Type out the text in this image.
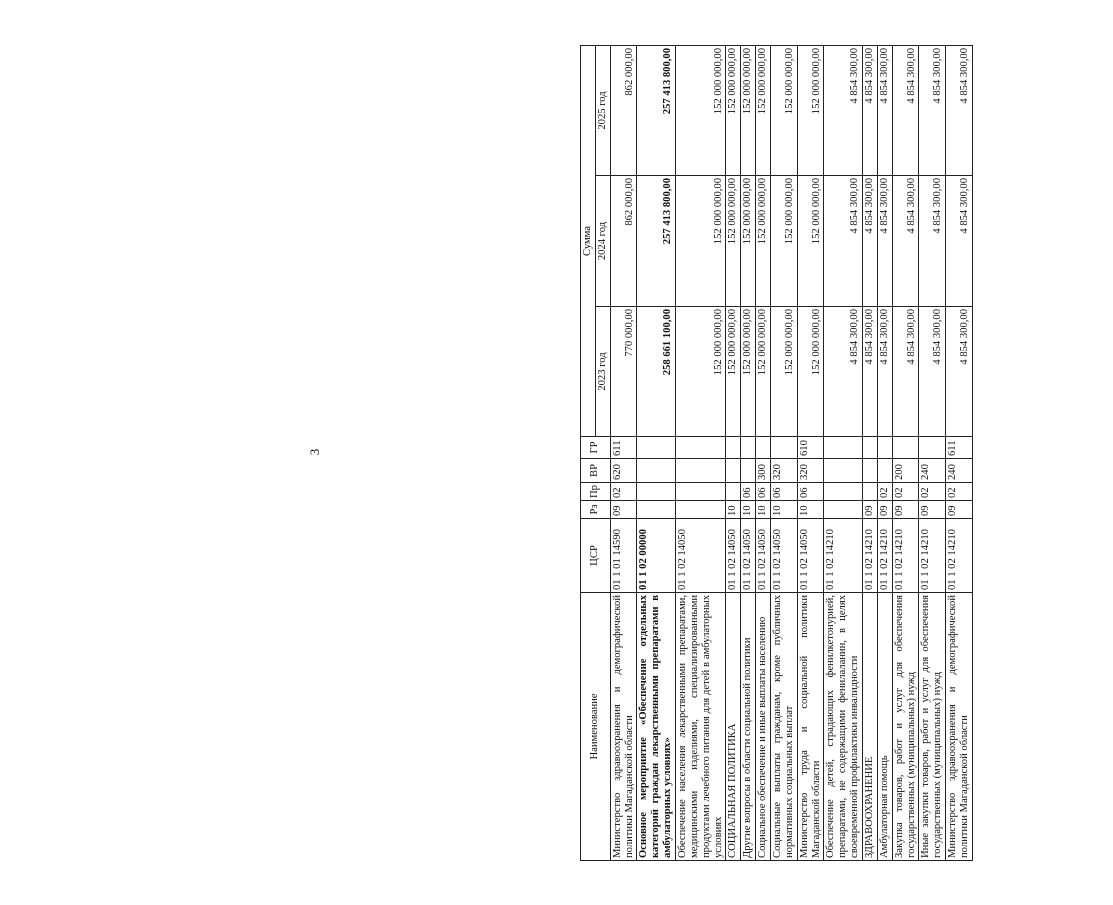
3
Наименование	ЦСР	Рз	Пр	ВР	ГР	Сумма		
						2023 год	2024 год	2025 год
Министерство здравоохранения и демографической политики Магаданской области	01 1 01 14590	09	02	620	611	770 000,00	862 000,00	862 000,00
Основное мероприятие «Обеспечение отдельных категорий граждан лекарственными препаратами в амбулаторных условиях»	01 1 02 00000					258 661 100,00	257 413 800,00	257 413 800,00
Обеспечение населения лекарственными препаратами, медицинскими изделиями, специализированными продуктами лечебного питания для детей в амбулаторных условиях	01 1 02 14050					152 000 000,00	152 000 000,00	152 000 000,00
СОЦИАЛЬНАЯ ПОЛИТИКА	01 1 02 14050	10				152 000 000,00	152 000 000,00	152 000 000,00
Другие вопросы в области социальной политики	01 1 02 14050	10	06			152 000 000,00	152 000 000,00	152 000 000,00
Социальное обеспечение и иные выплаты населению	01 1 02 14050	10	06	300		152 000 000,00	152 000 000,00	152 000 000,00
Социальные выплаты гражданам, кроме публичных нормативных социальных выплат	01 1 02 14050	10	06	320		152 000 000,00	152 000 000,00	152 000 000,00
Министерство труда и социальной политики Магаданской области	01 1 02 14050	10	06	320	610	152 000 000,00	152 000 000,00	152 000 000,00
Обеспечение детей, страдающих фенилкетонурией, препаратами, не содержащими фенилаланин, в целях своевременной профилактики инвалидности	01 1 02 14210					4 854 300,00	4 854 300,00	4 854 300,00
ЗДРАВООХРАНЕНИЕ	01 1 02 14210	09				4 854 300,00	4 854 300,00	4 854 300,00
Амбулаторная помощь	01 1 02 14210	09	02			4 854 300,00	4 854 300,00	4 854 300,00
Закупка товаров, работ и услуг для обеспечения государственных (муниципальных) нужд	01 1 02 14210	09	02	200		4 854 300,00	4 854 300,00	4 854 300,00
Иные закупки товаров, работ и услуг для обеспечения государственных (муниципальных) нужд	01 1 02 14210	09	02	240		4 854 300,00	4 854 300,00	4 854 300,00
Министерство здравоохранения и демографической политики Магаданской области	01 1 02 14210	09	02	240	611	4 854 300,00	4 854 300,00	4 854 300,00
